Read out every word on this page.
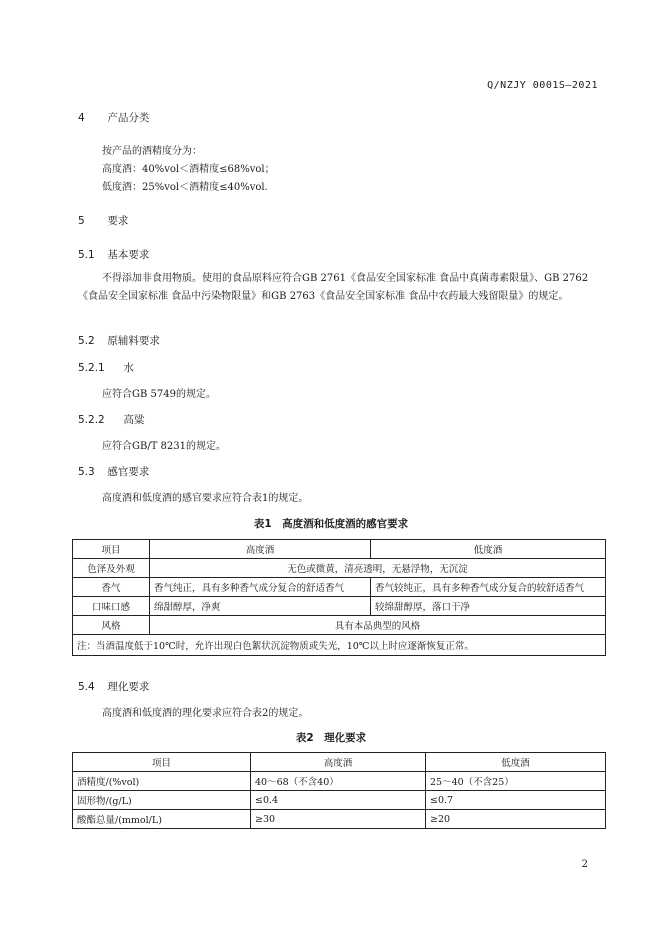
Q/NZJY 0001S—2021
4 产品分类
按产品的酒精度分为：
高度酒：40%vol＜酒精度≤68%vol；
低度酒：25%vol＜酒精度≤40%vol.
5 要求
5.1 基本要求
不得添加非食用物质。使用的食品原料应符合GB 2761《食品安全国家标准 食品中真菌毒素限量》、GB 2762《食品安全国家标准 食品中污染物限量》和GB 2763《食品安全国家标准 食品中农药最大残留限量》的规定。
5.2 原辅料要求
5.2.1 水
应符合GB 5749的规定。
5.2.2 高粱
应符合GB/T 8231的规定。
5.3 感官要求
高度酒和低度酒的感官要求应符合表1的规定。
表1　高度酒和低度酒的感官要求
项目	高度酒	低度酒
色泽及外观	无色或微黄，清亮透明，无悬浮物，无沉淀	
香气	香气纯正，具有多种香气成分复合的舒适香气	香气较纯正，具有多种香气成分复合的较舒适香气
口味口感	绵甜醇厚，净爽	较绵甜醇厚，落口干净
风格	具有本品典型的风格	
注：当酒温度低于10℃时，允许出现白色絮状沉淀物质或失光，10℃以上时应逐渐恢复正常。		
5.4 理化要求
高度酒和低度酒的理化要求应符合表2的规定。
表2　理化要求
项目	高度酒	低度酒
酒精度/(%vol)	40～68（不含40）	25～40（不含25）
固形物/(g/L)	≤0.4	≤0.7
酸酯总量/(mmol/L)	≥30	≥20
2
